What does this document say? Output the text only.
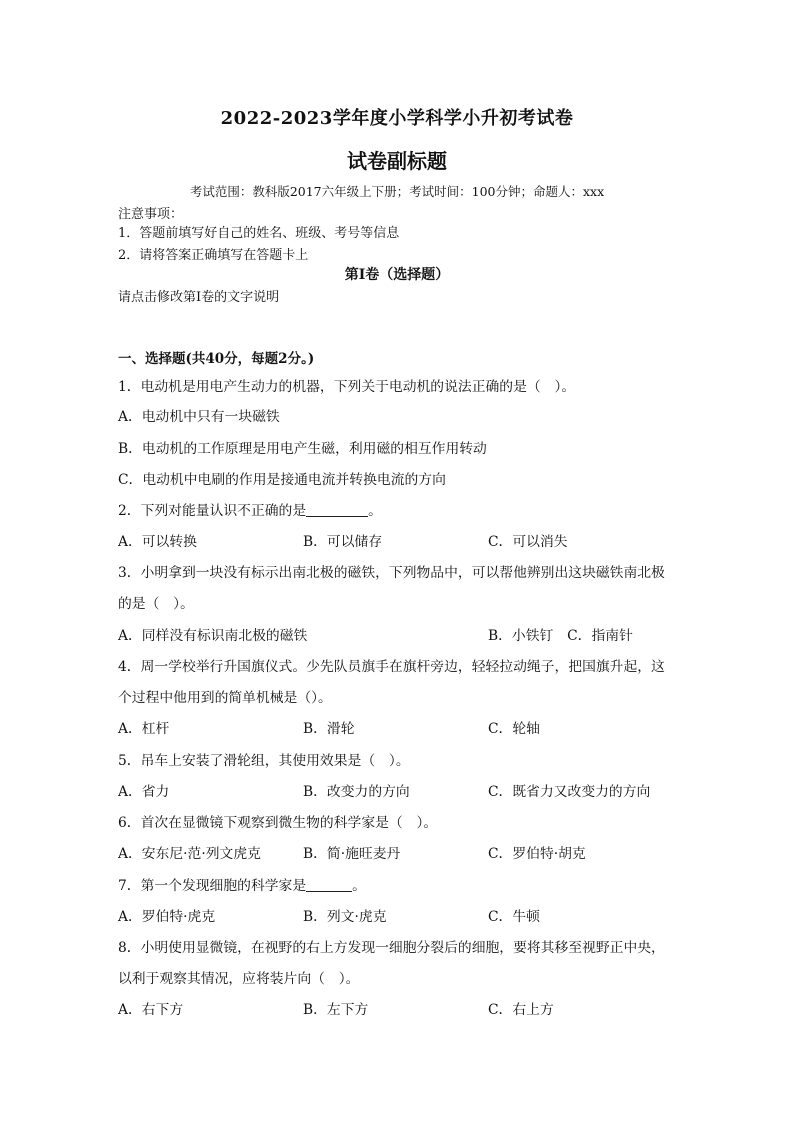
2022-2023学年度小学科学小升初考试卷
试卷副标题
考试范围：教科版2017六年级上下册；考试时间：100分钟；命题人：xxx
注意事项：
1．答题前填写好自己的姓名、班级、考号等信息
2．请将答案正确填写在答题卡上
第I卷（选择题）
请点击修改第I卷的文字说明
一、选择题(共40分，每题2分。)
1．电动机是用电产生动力的机器，下列关于电动机的说法正确的是（　）。
A．电动机中只有一块磁铁
B．电动机的工作原理是用电产生磁，利用磁的相互作用转动
C．电动机中电刷的作用是接通电流并转换电流的方向
2．下列对能量认识不正确的是	。
A．可以转换	B．可以储存	C．可以消失
3．小明拿到一块没有标示出南北极的磁铁，下列物品中，可以帮他辨别出这块磁铁南北极
的是（　）。
A．同样没有标识南北极的磁铁	B．小铁钉　C．指南针
4．周一学校举行升国旗仪式。少先队员旗手在旗杆旁边，轻轻拉动绳子，把国旗升起，这
个过程中他用到的简单机械是（）。
A．杠杆	B．滑轮	C．轮轴
5．吊车上安装了滑轮组，其使用效果是（　）。
A．省力	B．改变力的方向	C．既省力又改变力的方向
6．首次在显微镜下观察到微生物的科学家是（　）。
A．安东尼·范·列文虎克	B．简·施旺麦丹	C．罗伯特·胡克
7．第一个发现细胞的科学家是	。
A．罗伯特·虎克	B．列文·虎克	C．牛顿
8．小明使用显微镜，在视野的右上方发现一细胞分裂后的细胞，要将其移至视野正中央，
以利于观察其情况，应将装片向（　）。
A．右下方	B．左下方	C．右上方
